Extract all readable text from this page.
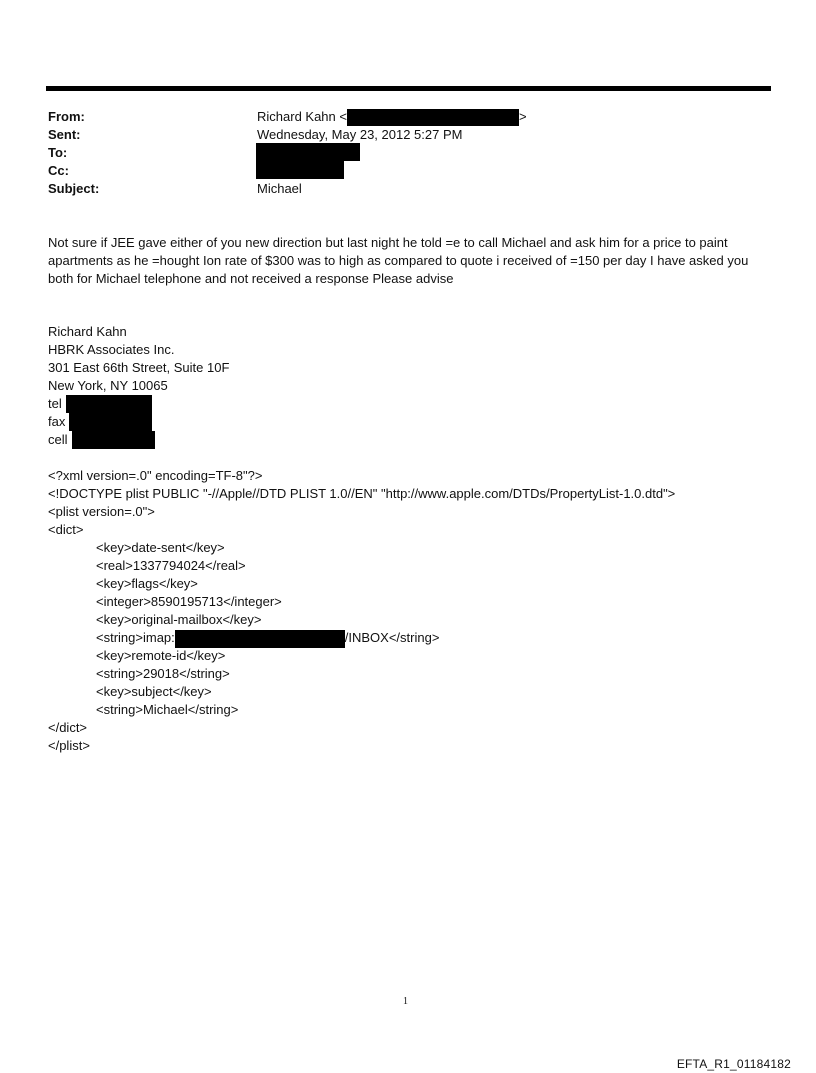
From:	Richard Kahn <	>
Sent:	Wednesday, May 23, 2012 5:27 PM
To:
Cc:
Subject:	Michael
Not sure if JEE gave either of you new direction but last night he told =e to call Michael and ask him for a price to paint apartments as he =hought Ion rate of $300 was to high as compared to quote i received of =150 per day I have asked you both for Michael telephone and not received a response Please advise
Richard Kahn
HBRK Associates Inc.
301 East 66th Street, Suite 10F
New York, NY 10065
tel
fax
cell
<?xml version=.0" encoding=TF-8"?>
<!DOCTYPE plist PUBLIC "-//Apple//DTD PLIST 1.0//EN" "http://www.apple.com/DTDs/PropertyList-1.0.dtd">
<plist version=.0">
<dict>
<key>date-sent</key>
<real>1337794024</real>
<key>flags</key>
<integer>8590195713</integer>
<key>original-mailbox</key>
<string>imap:	/INBOX</string>
<key>remote-id</key>
<string>29018</string>
<key>subject</key>
<string>Michael</string>
</dict>
</plist>
1
EFTA_R1_01184182
